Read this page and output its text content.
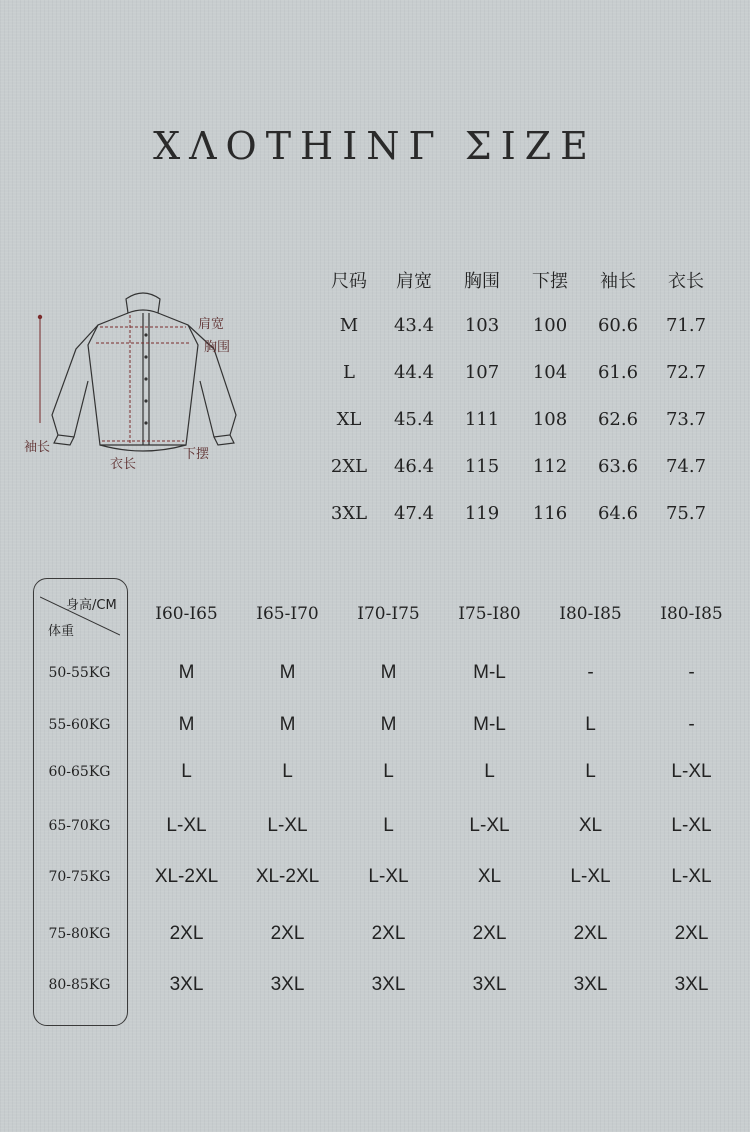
XΛOTHINΓ ΣIZE
肩宽
胸围
袖长
衣长
下摆
尺码	肩宽	胸围	下摆	袖长	衣长
M	43.4	103	100	60.6	71.7
L	44.4	107	104	61.6	72.7
XL	45.4	111	108	62.6	73.7
2XL	46.4	115	112	63.6	74.7
3XL	47.4	119	116	64.6	75.7
身高/CM
体重
I60-I65	I65-I70	I70-I75	I75-I80	I80-I85	I80-I85
50-55KG	M	M	M	M-L	-	-
55-60KG	M	M	M	M-L	L	-
60-65KG	L	L	L	L	L	L-XL
65-70KG	L-XL	L-XL	L	L-XL	XL	L-XL
70-75KG	XL-2XL	XL-2XL	L-XL	XL	L-XL	L-XL
75-80KG	2XL	2XL	2XL	2XL	2XL	2XL
80-85KG	3XL	3XL	3XL	3XL	3XL	3XL
